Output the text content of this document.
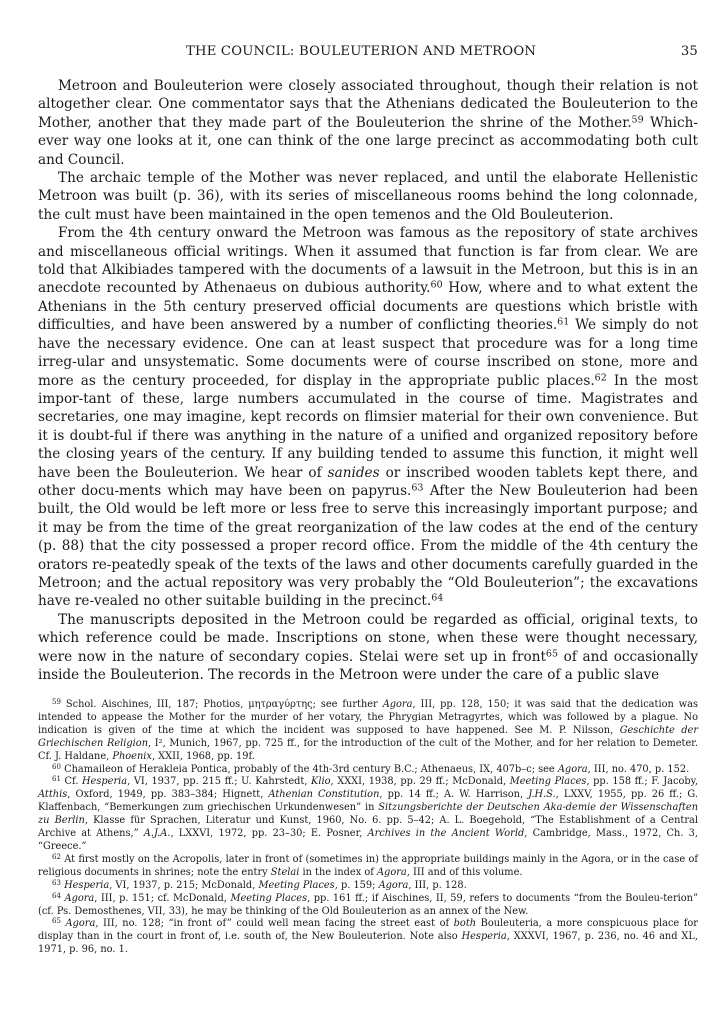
THE COUNCIL: BOULEUTERION AND METROON	35

Metroon and Bouleuterion were closely associated throughout, though their relation is not altogether clear. One commentator says that the Athenians dedicated the Bouleuterion to the Mother, another that they made part of the Bouleuterion the shrine of the Mother.$^{59}$ Which-ever way one looks at it, one can think of the one large precinct as accommodating both cult and Council.

The archaic temple of the Mother was never replaced, and until the elaborate Hellenistic Metroon was built (p. 36), with its series of miscellaneous rooms behind the long colonnade, the cult must have been maintained in the open temenos and the Old Bouleuterion.

From the 4th century onward the Metroon was famous as the repository of state archives and miscellaneous official writings. When it assumed that function is far from clear. We are told that Alkibiades tampered with the documents of a lawsuit in the Metroon, but this is in an anecdote recounted by Athenaeus on dubious authority.$^{60}$ How, where and to what extent the Athenians in the 5th century preserved official documents are questions which bristle with difficulties, and have been answered by a number of conflicting theories.$^{61}$ We simply do not have the necessary evidence. One can at least suspect that procedure was for a long time irreg-ular and unsystematic. Some documents were of course inscribed on stone, more and more as the century proceeded, for display in the appropriate public places.$^{62}$ In the most impor-tant of these, large numbers accumulated in the course of time. Magistrates and secretaries, one may imagine, kept records on flimsier material for their own convenience. But it is doubt-ful if there was anything in the nature of a unified and organized repository before the closing years of the century. If any building tended to assume this function, it might well have been the Bouleuterion. We hear of sanides or inscribed wooden tablets kept there, and other docu-ments which may have been on papyrus.$^{63}$ After the New Bouleuterion had been built, the Old would be left more or less free to serve this increasingly important purpose; and it may be from the time of the great reorganization of the law codes at the end of the century (p. 88) that the city possessed a proper record office. From the middle of the 4th century the orators re-peatedly speak of the texts of the laws and other documents carefully guarded in the Metroon; and the actual repository was very probably the “Old Bouleuterion”; the excavations have re-vealed no other suitable building in the precinct.$^{64}$

The manuscripts deposited in the Metroon could be regarded as official, original texts, to which reference could be made. Inscriptions on stone, when these were thought necessary, were now in the nature of secondary copies. Stelai were set up in front$^{65}$ of and occasionally inside the Bouleuterion. The records in the Metroon were under the care of a public slave

$^{59}$ Schol. Aischines, III, 187; Photios, μητραγύρτης; see further Agora, III, pp. 128, 150; it was said that the dedication was intended to appease the Mother for the murder of her votary, the Phrygian Metragyrtes, which was followed by a plague. No indication is given of the time at which the incident was supposed to have happened. See M. P. Nilsson, Geschichte der Griechischen Religion, I², Munich, 1967, pp. 725 ff., for the introduction of the cult of the Mother, and for her relation to Demeter. Cf. J. Haldane, Phoenix, XXII, 1968, pp. 19f.

$^{60}$ Chamaileon of Herakleia Pontica, probably of the 4th-3rd century B.C.; Athenaeus, IX, 407b–c; see Agora, III, no. 470, p. 152.

$^{61}$ Cf. Hesperia, VI, 1937, pp. 215 ff.; U. Kahrstedt, Klio, XXXI, 1938, pp. 29 ff.; McDonald, Meeting Places, pp. 158 ff.; F. Jacoby, Atthis, Oxford, 1949, pp. 383–384; Hignett, Athenian Constitution, pp. 14 ff.; A. W. Harrison, J.H.S., LXXV, 1955, pp. 26 ff.; G. Klaffenbach, “Bemerkungen zum griechischen Urkundenwesen” in Sitzungsberichte der Deutschen Aka-demie der Wissenschaften zu Berlin, Klasse für Sprachen, Literatur und Kunst, 1960, No. 6. pp. 5–42; A. L. Boegehold, “The Establishment of a Central Archive at Athens,” A.J.A., LXXVI, 1972, pp. 23–30; E. Posner, Archives in the Ancient World, Cambridge, Mass., 1972, Ch. 3, “Greece.”

$^{62}$ At first mostly on the Acropolis, later in front of (sometimes in) the appropriate buildings mainly in the Agora, or in the case of religious documents in shrines; note the entry Stelai in the index of Agora, III and of this volume.

$^{63}$ Hesperia, VI, 1937, p. 215; McDonald, Meeting Places, p. 159; Agora, III, p. 128.

$^{64}$ Agora, III, p. 151; cf. McDonald, Meeting Places, pp. 161 ff.; if Aischines, II, 59, refers to documents “from the Bouleu-terion” (cf. Ps. Demosthenes, VII, 33), he may be thinking of the Old Bouleuterion as an annex of the New.

$^{65}$ Agora, III, no. 128; “in front of” could well mean facing the street east of both Bouleuteria, a more conspicuous place for display than in the court in front of, i.e. south of, the New Bouleuterion. Note also Hesperia, XXXVI, 1967, p. 236, no. 46 and XL, 1971, p. 96, no. 1.
